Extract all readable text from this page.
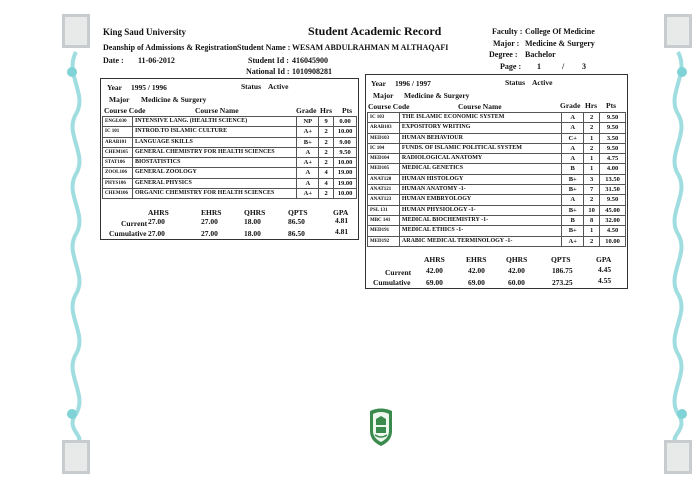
King Saud University	Student Academic Record
Deanship of Admissions & Registration Student Name : WESAM ABDULRAHMAN M ALTHAQAFI
Date : 11-06-2012	Student Id : 416045900
National Id : 1010908281
Faculty : College Of Medicine
Major : Medicine & Surgery
Degree : Bachelor
Page : 1	/ 3
Year 1995 / 1996	Status Active
Major Medicine & Surgery
Course Code	Course Name	Grade Hrs Pts
ENGL030	INTENSIVE LANG. (HEALTH SCIENCE)	NP	9	0.00
IC 101	INTROD.TO ISLAMIC CULTURE	A+	2	10.00
ARAB101	LANGUAGE SKILLS	B+	2	9.00
CHEM105	GENERAL CHEMISTRY FOR HEALTH SCIENCES	A	2	9.50
STAT106	BIOSTATISTICS	A+	2	10.00
ZOOL106	GENERAL ZOOLOGY	A	4	19.00
PHYS106	GENERAL PHYSICS	A	4	19.00
CHEM106	ORGANIC CHEMISTRY FOR HEALTH SCIENCES	A+	2	10.00
AHRS	EHRS	QHRS	QPTS	GPA
Current 27.00	27.00	18.00	86.50	4.81
Cumulative 27.00	27.00	18.00	86.50	4.81
Year 1996 / 1997	Status Active
Major Medicine & Surgery
Course Code	Course Name	Grade Hrs Pts
IC 103	THE ISLAMIC ECONOMIC SYSTEM	A	2	9.50
ARAB103	EXPOSITORY WRITING	A	2	9.50
MED103	HUMAN BEHAVIOUR	C+	1	3.50
IC 104	FUNDS. OF ISLAMIC POLITICAL SYSTEM	A	2	9.50
MED104	RADIOLOGICAL ANATOMY	A	1	4.75
MED105	MEDICAL GENETICS	B	1	4.00
ANAT120	HUMAN HISTOLOGY	B+	3	13.50
ANAT121	HUMAN ANATOMY -1-	B+	7	31.50
ANAT123	HUMAN EMBRYOLOGY	A	2	9.50
PSL 131	HUMAN PHYSIOLOGY -1-	B+	10	45.00
MBC 141	MEDICAL BIOCHEMISTRY -1-	B	8	32.00
MED191	MEDICAL ETHICS -1-	B+	1	4.50
MED192	ARABIC MEDICAL TERMINOLOGY -1-	A+	2	10.00
AHRS	EHRS	QHRS	QPTS	GPA
Current 42.00	42.00	42.00	186.75	4.45
Cumulative 69.00	69.00	60.00	273.25	4.55
